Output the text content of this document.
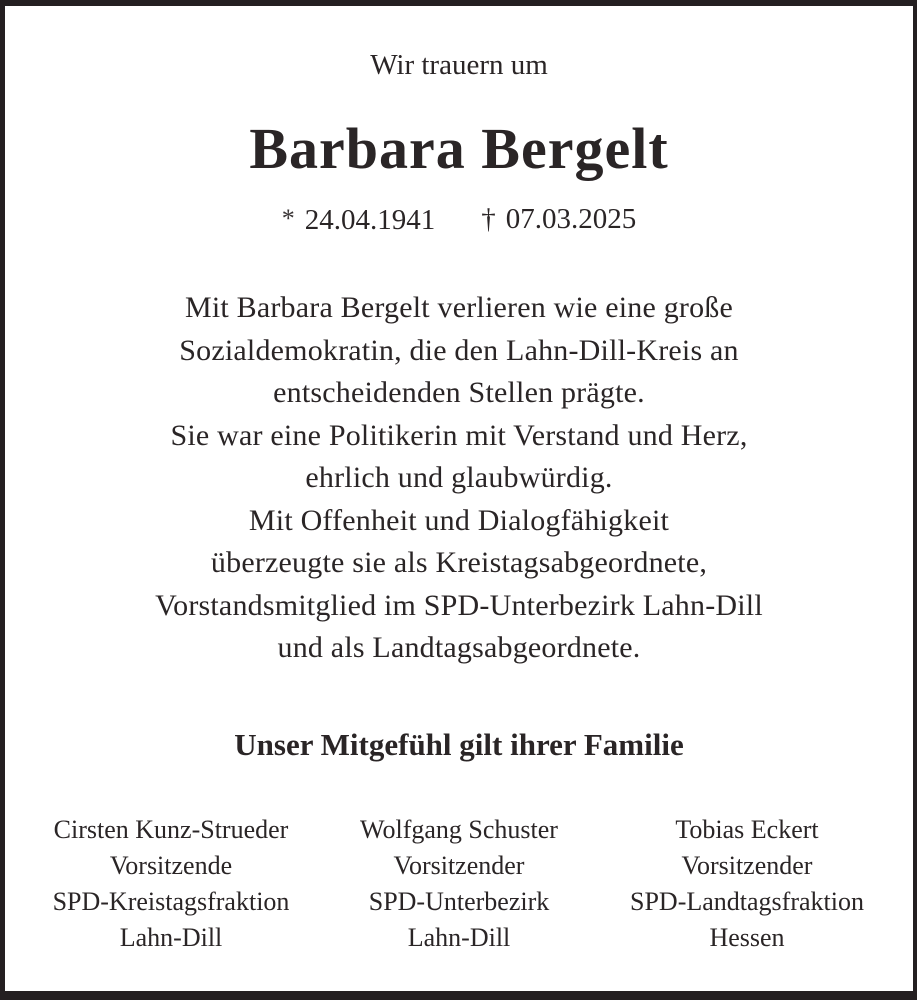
Wir trauern um
Barbara Bergelt
* 24.04.1941 † 07.03.2025
Mit Barbara Bergelt verlieren wie eine große
Sozialdemokratin, die den Lahn-Dill-Kreis an
entscheidenden Stellen prägte.
Sie war eine Politikerin mit Verstand und Herz,
ehrlich und glaubwürdig.
Mit Offenheit und Dialogfähigkeit
überzeugte sie als Kreistagsabgeordnete,
Vorstandsmitglied im SPD-Unterbezirk Lahn-Dill
und als Landtagsabgeordnete.
Unser Mitgefühl gilt ihrer Familie
Cirsten Kunz-Strueder
Vorsitzende
SPD-Kreistagsfraktion
Lahn-Dill
Wolfgang Schuster
Vorsitzender
SPD-Unterbezirk
Lahn-Dill
Tobias Eckert
Vorsitzender
SPD-Landtagsfraktion
Hessen
